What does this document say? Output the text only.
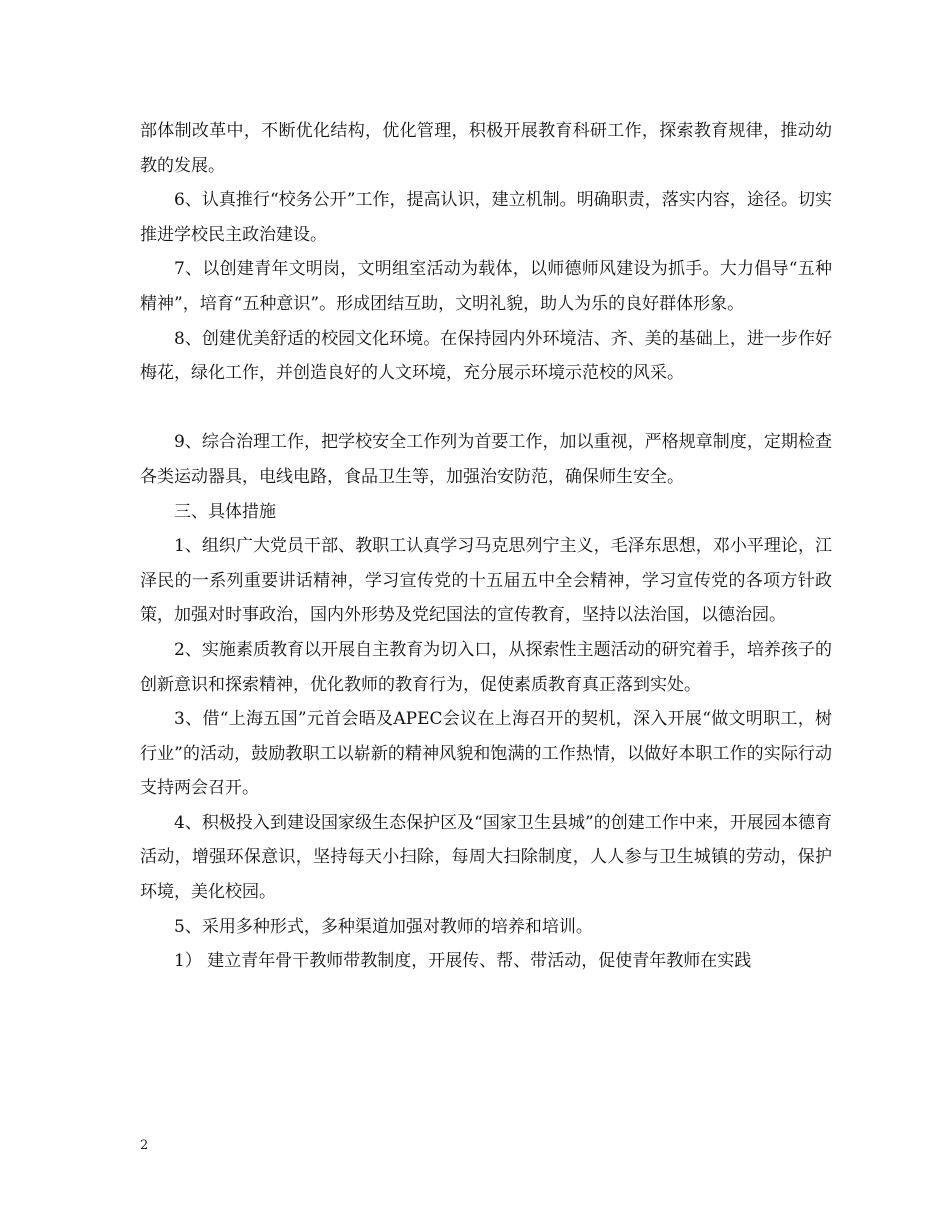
部体制改革中，不断优化结构，优化管理，积极开展教育科研工作，探索教育规律，推动幼教的发展。

6、认真推行“校务公开”工作，提高认识，建立机制。明确职责，落实内容，途径。切实推进学校民主政治建设。

7、以创建青年文明岗，文明组室活动为载体，以师德师风建设为抓手。大力倡导“五种精神”，培育“五种意识”。形成团结互助，文明礼貌，助人为乐的良好群体形象。

8、创建优美舒适的校园文化环境。在保持园内外环境洁、齐、美的基础上，进一步作好梅花，绿化工作，并创造良好的人文环境，充分展示环境示范校的风采。

9、综合治理工作，把学校安全工作列为首要工作，加以重视，严格规章制度，定期检查各类运动器具，电线电路，食品卫生等，加强治安防范，确保师生安全。

三、具体措施

1、组织广大党员干部、教职工认真学习马克思列宁主义，毛泽东思想，邓小平理论，江泽民的一系列重要讲话精神，学习宣传党的十五届五中全会精神，学习宣传党的各项方针政策，加强对时事政治，国内外形势及党纪国法的宣传教育，坚持以法治国，以德治园。

2、实施素质教育以开展自主教育为切入口，从探索性主题活动的研究着手，培养孩子的创新意识和探索精神，优化教师的教育行为，促使素质教育真正落到实处。

3、借“上海五国”元首会晤及APEC会议在上海召开的契机，深入开展“做文明职工，树行业”的活动，鼓励教职工以崭新的精神风貌和饱满的工作热情，以做好本职工作的实际行动支持两会召开。

4、积极投入到建设国家级生态保护区及“国家卫生县城”的创建工作中来，开展园本德育活动，增强环保意识，坚持每天小扫除，每周大扫除制度，人人参与卫生城镇的劳动，保护环境，美化校园。

5、采用多种形式，多种渠道加强对教师的培养和培训。

1） 建立青年骨干教师带教制度，开展传、帮、带活动，促使青年教师在实践

2
